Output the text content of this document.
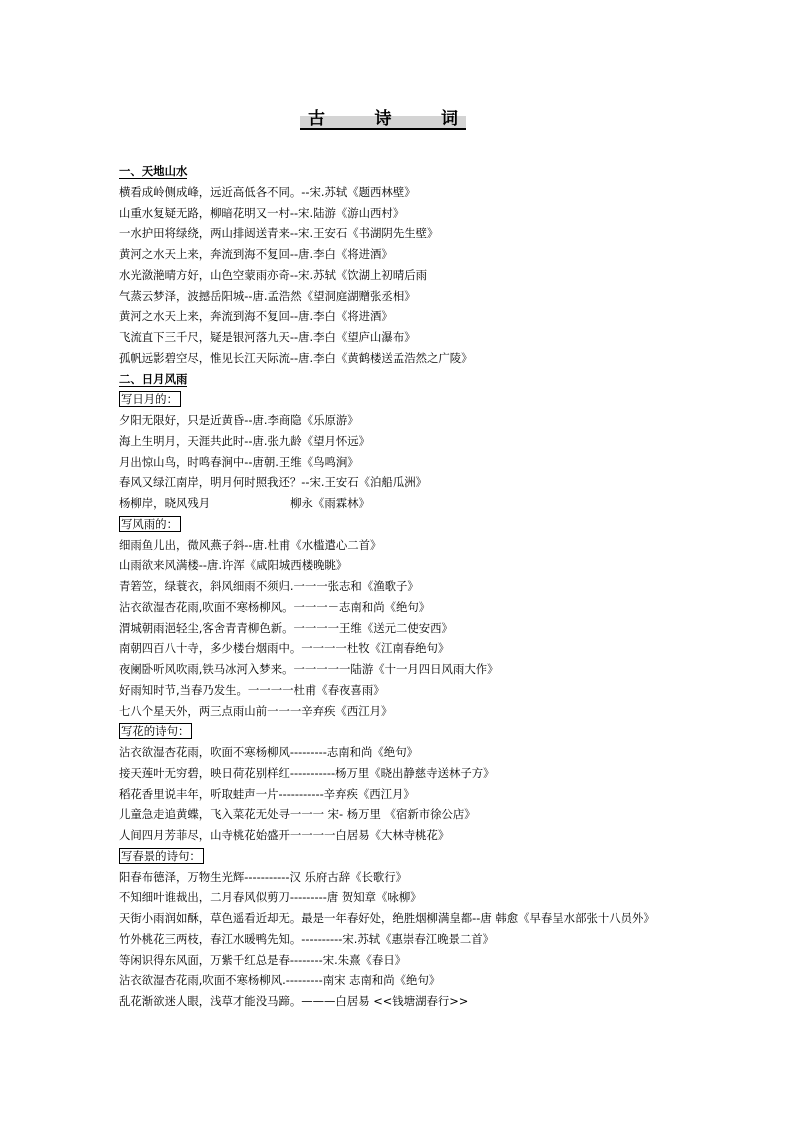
古	诗	词
一、天地山水
横看成岭侧成峰，远近高低各不同。--宋.苏轼《题西林壁》
山重水复疑无路，柳暗花明又一村--宋.陆游《游山西村》
一水护田将绿绕，两山排闼送青来--宋.王安石《书湖阴先生壁》
黄河之水天上来，奔流到海不复回--唐.李白《将进酒》
水光潋滟晴方好，山色空蒙雨亦奇--宋.苏轼《饮湖上初晴后雨
气蒸云梦泽，波撼岳阳城--唐.孟浩然《望洞庭湖赠张丞相》
黄河之水天上来，奔流到海不复回--唐.李白《将进酒》
飞流直下三千尺，疑是银河落九天--唐.李白《望庐山瀑布》
孤帆远影碧空尽，惟见长江天际流--唐.李白《黄鹤楼送孟浩然之广陵》
二、日月风雨
写日月的：
夕阳无限好，只是近黄昏--唐.李商隐《乐原游》
海上生明月，天涯共此时--唐.张九龄《望月怀远》
月出惊山鸟，时鸣春涧中--唐朝.王维《鸟鸣涧》
春风又绿江南岸，明月何时照我还？--宋.王安石《泊船瓜洲》
杨柳岸，晓风残月	柳永《雨霖林》
写风雨的：
细雨鱼儿出，微风燕子斜--唐.杜甫《水槛遣心二首》
山雨欲来风满楼--唐.许浑《咸阳城西楼晚眺》
青箬笠，绿蓑衣，斜风细雨不须归.一一一张志和《渔歌子》
沾衣欲湿杏花雨,吹面不寒杨柳风。一一一－志南和尚《绝句》
渭城朝雨浥轻尘,客舍青青柳色新。一一一一王维《送元二使安西》
南朝四百八十寺，多少楼台烟雨中。一一一一杜牧《江南春绝句》
夜阑卧听风吹雨,铁马冰河入梦来。一一一一一陆游《十一月四日风雨大作》
好雨知时节,当春乃发生。一一一一杜甫《春夜喜雨》
七八个星天外，两三点雨山前一一一辛弃疾《西江月》
写花的诗句：
沾衣欲湿杏花雨，吹面不寒杨柳风---------志南和尚《绝句》
接天莲叶无穷碧，映日荷花别样红-----------杨万里《晓出静慈寺送林子方》
稻花香里说丰年，听取蛙声一片-----------辛弃疾《西江月》
儿童急走追黄蝶，飞入菜花无处寻一一一 宋- 杨万里 《宿新市徐公店》
人间四月芳菲尽，山寺桃花始盛开一一一一白居易《大林寺桃花》
写春景的诗句：
阳春布德泽，万物生光辉-----------汉 乐府古辞《长歌行》
不知细叶谁裁出，二月春风似剪刀---------唐 贺知章《咏柳》
天街小雨润如酥，草色遥看近却无。最是一年春好处，绝胜烟柳满皇都--唐 韩愈《早春呈水部张十八员外》
竹外桃花三两枝，春江水暖鸭先知。----------宋.苏轼《惠崇春江晚景二首》
等闲识得东风面，万紫千红总是春--------宋.朱熹《春日》
沾衣欲湿杏花雨,吹面不寒杨柳风.---------南宋 志南和尚《绝句》
乱花渐欲迷人眼，浅草才能没马蹄。———白居易 <<钱塘湖春行>>
